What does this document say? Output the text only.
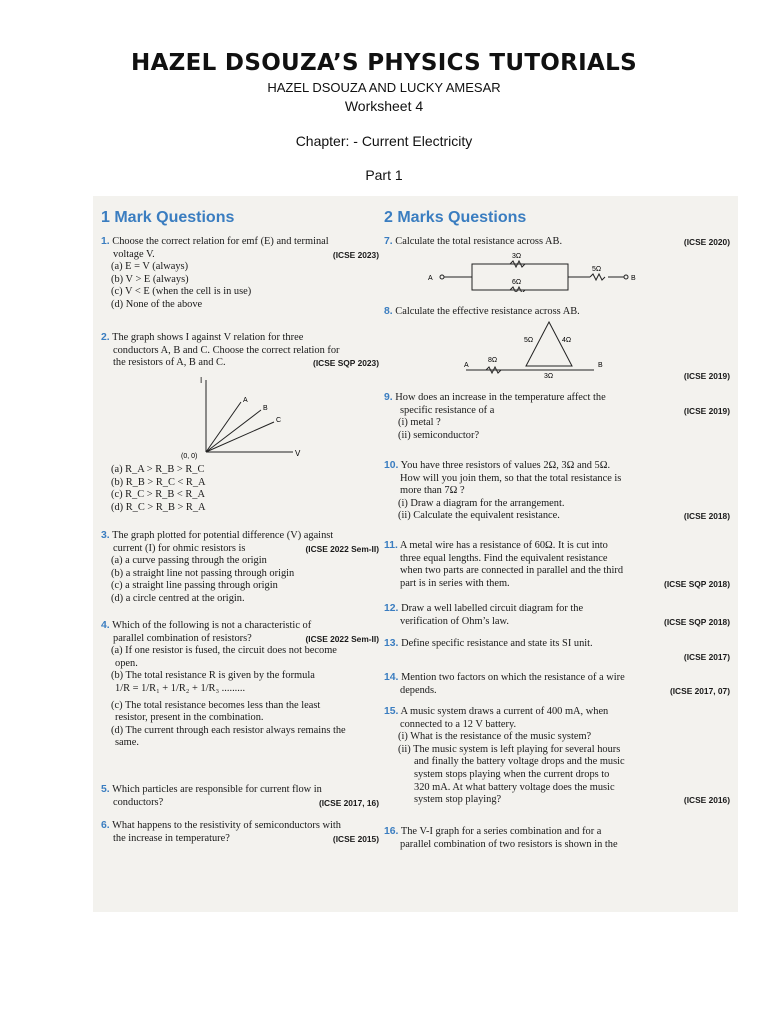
HAZEL DSOUZA’S PHYSICS TUTORIALS
HAZEL DSOUZA AND LUCKY AMESAR
Worksheet 4
Chapter: - Current Electricity
Part 1
1 Mark Questions
1. Choose the correct relation for emf (E) and terminal
voltage V.	(ICSE 2023)
(a) E = V (always)
(b) V > E (always)
(c) V < E (when the cell is in use)
(d) None of the above
2. The graph shows I against V relation for three
conductors A, B and C. Choose the correct relation for
the resistors of A, B and C.	(ICSE SQP 2023)
I
V
(0, 0)
A
B
C
(a) R_A > R_B > R_C
(b) R_B > R_C < R_A
(c) R_C > R_B < R_A
(d) R_C > R_B > R_A
3. The graph plotted for potential difference (V) against
current (I) for ohmic resistors is	(ICSE 2022 Sem-II)
(a) a curve passing through the origin
(b) a straight line not passing through origin
(c) a straight line passing through origin
(d) a circle centred at the origin.
4. Which of the following is not a characteristic of
parallel combination of resistors?	(ICSE 2022 Sem-II)
(a) If one resistor is fused, the circuit does not become
open.
(b) The total resistance R is given by the formula
1/R = 1/R₁ + 1/R₂ + 1/R₃ .........
(c) The total resistance becomes less than the least
resistor, present in the combination.
(d) The current through each resistor always remains the
same.
5. Which particles are responsible for current flow in
conductors?	(ICSE 2017, 16)
6. What happens to the resistivity of semiconductors with
the increase in temperature?	(ICSE 2015)
2 Marks Questions
7. Calculate the total resistance across AB.	(ICSE 2020)
A	B
3Ω
6Ω
5Ω
8. Calculate the effective resistance across AB.
A	B
5Ω	4Ω
8Ω
3Ω	(ICSE 2019)
9. How does an increase in the temperature affect the
specific resistance of a	(ICSE 2019)
(i) metal ?
(ii) semiconductor?
10. You have three resistors of values 2Ω, 3Ω and 5Ω.
How will you join them, so that the total resistance is
more than 7Ω ?
(i) Draw a diagram for the arrangement.
(ii) Calculate the equivalent resistance.	(ICSE 2018)
11. A metal wire has a resistance of 60Ω. It is cut into
three equal lengths. Find the equivalent resistance
when two parts are connected in parallel and the third
part is in series with them.	(ICSE SQP 2018)
12. Draw a well labelled circuit diagram for the
verification of Ohm’s law.	(ICSE SQP 2018)
13. Define specific resistance and state its SI unit.
(ICSE 2017)
14. Mention two factors on which the resistance of a wire
depends.	(ICSE 2017, 07)
15. A music system draws a current of 400 mA, when
connected to a 12 V battery.
(i) What is the resistance of the music system?
(ii) The music system is left playing for several hours
and finally the battery voltage drops and the music
system stops playing when the current drops to
320 mA. At what battery voltage does the music
system stop playing?	(ICSE 2016)
16. The V-I graph for a series combination and for a
parallel combination of two resistors is shown in the
